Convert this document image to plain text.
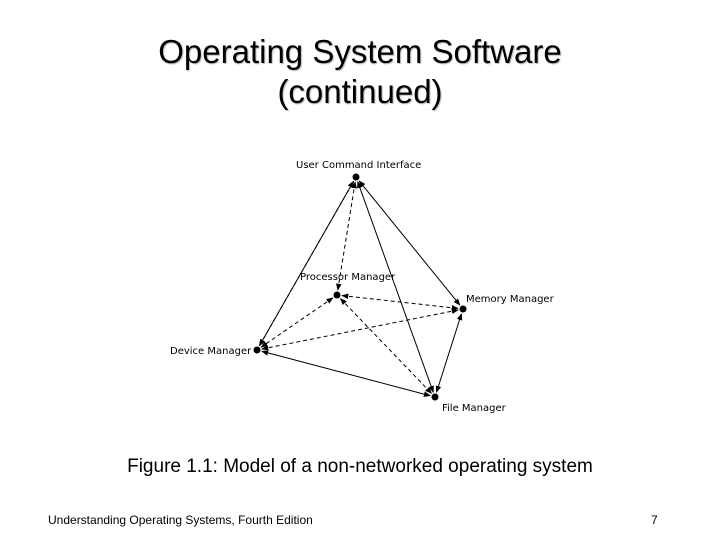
Operating System Software
(continued)
User Command Interface
Processor Manager
Memory Manager
Device Manager
File Manager
Figure 1.1: Model of a non-networked operating system
Understanding Operating Systems, Fourth Edition	7
